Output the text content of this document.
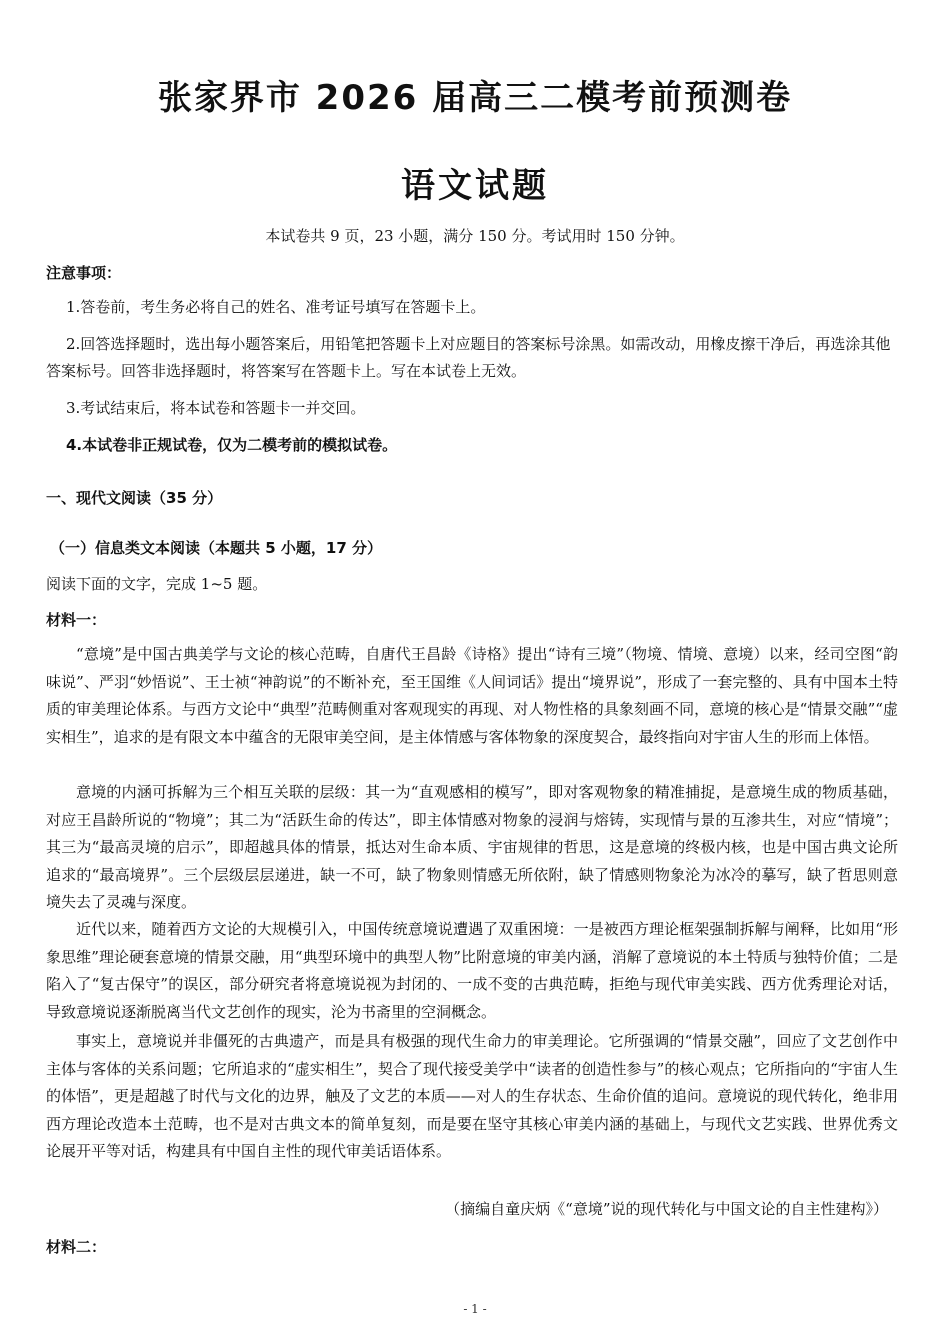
张家界市 2026 届高三二模考前预测卷
语文试题
本试卷共 9 页，23 小题，满分 150 分。考试用时 150 分钟。
注意事项：
1.答卷前，考生务必将自己的姓名、准考证号填写在答题卡上。
2.回答选择题时，选出每小题答案后，用铅笔把答题卡上对应题目的答案标号涂黑。如需改动，用橡皮擦干净后，再选涂其他答案标号。回答非选择题时，将答案写在答题卡上。写在本试卷上无效。
3.考试结束后，将本试卷和答题卡一并交回。
4.本试卷非正规试卷，仅为二模考前的模拟试卷。
一、现代文阅读（35 分）
（一）信息类文本阅读（本题共 5 小题，17 分）
阅读下面的文字，完成 1~5 题。
材料一：
“意境”是中国古典美学与文论的核心范畴，自唐代王昌龄《诗格》提出“诗有三境”（物境、情境、意境）以来，经司空图“韵味说”、严羽“妙悟说”、王士祯“神韵说”的不断补充，至王国维《人间词话》提出“境界说”，形成了一套完整的、具有中国本土特质的审美理论体系。与西方文论中“典型”范畴侧重对客观现实的再现、对人物性格的具象刻画不同，意境的核心是“情景交融”“虚实相生”，追求的是有限文本中蕴含的无限审美空间，是主体情感与客体物象的深度契合，最终指向对宇宙人生的形而上体悟。
意境的内涵可拆解为三个相互关联的层级：其一为“直观感相的模写”，即对客观物象的精准捕捉，是意境生成的物质基础，对应王昌龄所说的“物境”；其二为“活跃生命的传达”，即主体情感对物象的浸润与熔铸，实现情与景的互渗共生，对应“情境”；其三为“最高灵境的启示”，即超越具体的情景，抵达对生命本质、宇宙规律的哲思，这是意境的终极内核，也是中国古典文论所追求的“最高境界”。三个层级层层递进，缺一不可，缺了物象则情感无所依附，缺了情感则物象沦为冰冷的摹写，缺了哲思则意境失去了灵魂与深度。
近代以来，随着西方文论的大规模引入，中国传统意境说遭遇了双重困境：一是被西方理论框架强制拆解与阐释，比如用“形象思维”理论硬套意境的情景交融，用“典型环境中的典型人物”比附意境的审美内涵，消解了意境说的本土特质与独特价值；二是陷入了“复古保守”的误区，部分研究者将意境说视为封闭的、一成不变的古典范畴，拒绝与现代审美实践、西方优秀理论对话，导致意境说逐渐脱离当代文艺创作的现实，沦为书斋里的空洞概念。
事实上，意境说并非僵死的古典遗产，而是具有极强的现代生命力的审美理论。它所强调的“情景交融”，回应了文艺创作中主体与客体的关系问题；它所追求的“虚实相生”，契合了现代接受美学中“读者的创造性参与”的核心观点；它所指向的“宇宙人生的体悟”，更是超越了时代与文化的边界，触及了文艺的本质——对人的生存状态、生命价值的追问。意境说的现代转化，绝非用西方理论改造本土范畴，也不是对古典文本的简单复刻，而是要在坚守其核心审美内涵的基础上，与现代文艺实践、世界优秀文论展开平等对话，构建具有中国自主性的现代审美话语体系。
（摘编自童庆炳《“意境”说的现代转化与中国文论的自主性建构》）
材料二：
- 1 -
